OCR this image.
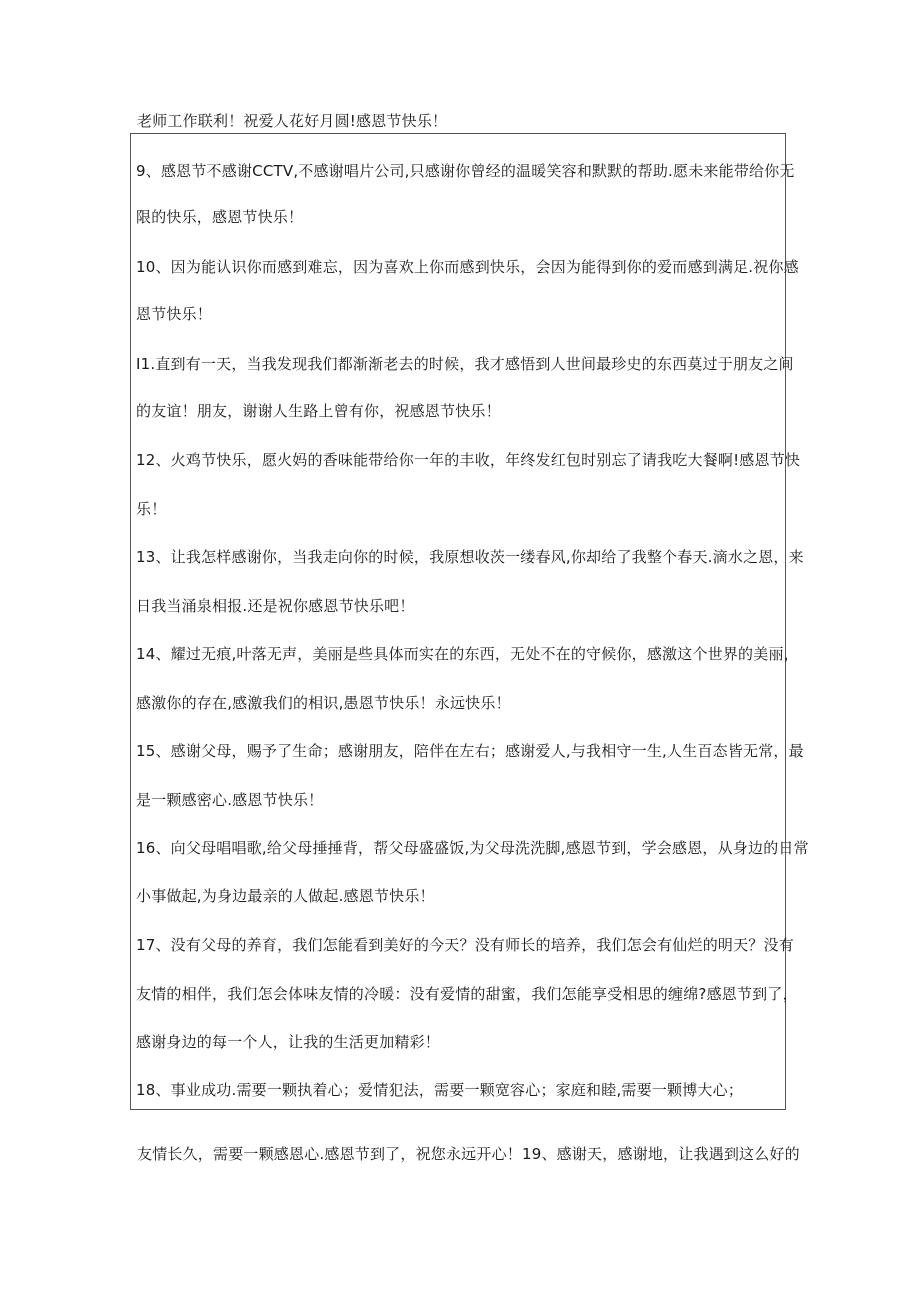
老师工作联利！祝爱人花好月圆!感恩节快乐！
9、感恩节不感谢CCTV,不感谢唱片公司,只感谢你曾经的温暖笑容和默默的帮助.愿未来能带给你无
限的快乐，感恩节快乐！
10、因为能认识你而感到难忘，因为喜欢上你而感到快乐，会因为能得到你的爱而感到满足.祝你感
恩节快乐！
I1.直到有一天，当我发现我们都渐渐老去的时候，我才感悟到人世间最珍史的东西莫过于朋友之间
的友谊！朋友，谢谢人生路上曾有你，祝感恩节快乐！
12、火鸡节快乐，愿火妈的香味能带给你一年的丰收，年终发红包时别忘了请我吃大餐啊!感恩节快
乐！
13、让我怎样感谢你，当我走向你的时候，我原想收茨一缕春风,你却给了我整个春天.滴水之恩，来
日我当涌泉相报.还是祝你感恩节快乐吧！
14、耀过无痕,叶落无声，美丽是些具体而实在的东西，无处不在的守候你，感激这个世界的美丽，
感激你的存在,感激我们的相识,愚恩节快乐！永远快乐！
15、感谢父母，赐予了生命；感谢朋友，陪伴在左右；感谢爱人,与我相守一生,人生百态皆无常，最
是一颗感密心.感恩节快乐！
16、向父母唱唱歌,给父母捶捶背，帮父母盛盛饭,为父母洗洗脚,感恩节到，学会感恩，从身边的日常
小事做起,为身边最亲的人做起.感恩节快乐！
17、没有父母的养育，我们怎能看到美好的今天？没有师长的培养，我们怎会有仙烂的明天？没有
友情的相伴，我们怎会体味友情的冷暖：没有爱情的甜蜜，我们怎能享受相思的缠绵?感恩节到了，
感谢身边的每一个人，让我的生活更加精彩！
18、事业成功.需要一颗执着心；爱情犯法，需要一颗宽容心；家庭和睦,需要一颗博大心；
友情长久，需要一颗感恩心.感恩节到了，祝您永远开心！19、感谢天，感谢地，让我遇到这么好的
